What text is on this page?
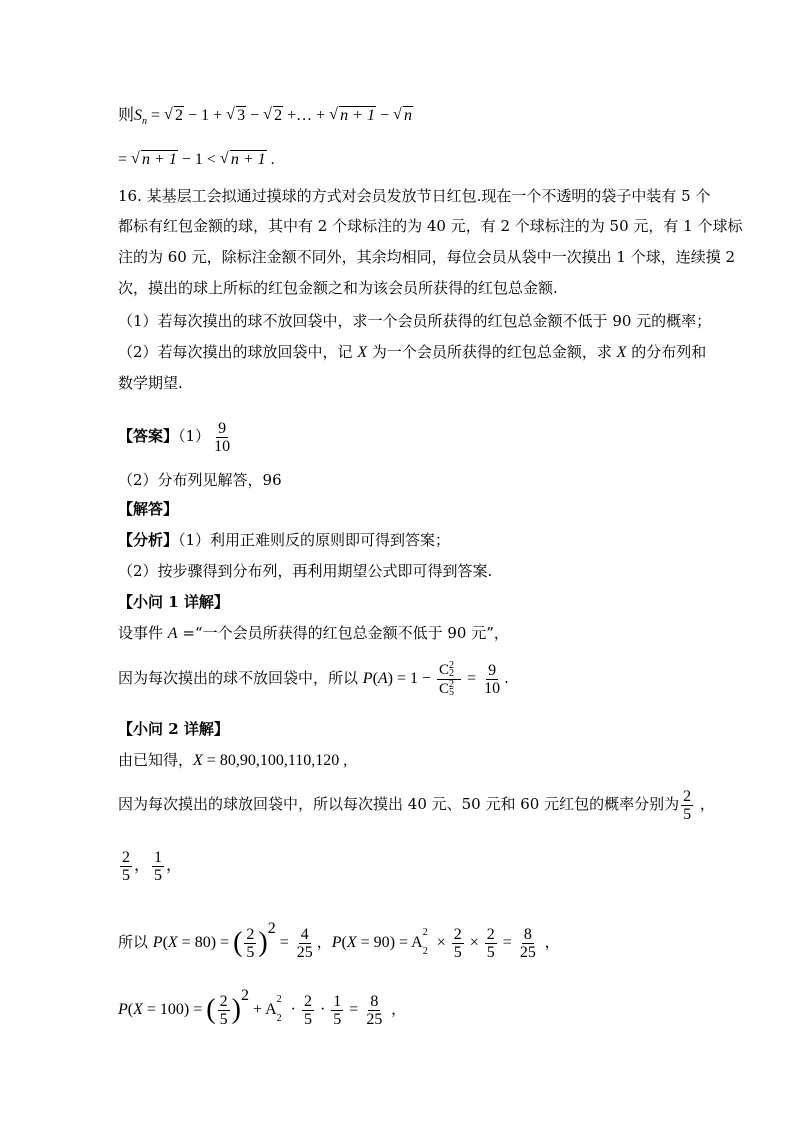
则$S_n$ = √ 2 − 1 + √ 3 − √ 2 +… + √ n + 1 − √ n
= √ n + 1 − 1 < √ n + 1 .
16. 某基层工会拟通过摸球的方式对会员发放节日红包.现在一个不透明的袋子中装有 5 个
都标有红包金额的球，其中有 2 个球标注的为 40 元，有 2 个球标注的为 50 元，有 1 个球标
注的为 60 元，除标注金额不同外，其余均相同，每位会员从袋中一次摸出 1 个球，连续摸 2
次，摸出的球上所标的红包金额之和为该会员所获得的红包总金额.
（1）若每次摸出的球不放回袋中，求一个会员所获得的红包总金额不低于 90 元的概率；
（2）若每次摸出的球放回袋中，记 X 为一个会员所获得的红包总金额，求 X 的分布列和
数学期望.
【答案】$(1) \frac{9}{10}$
（2）分布列见解答，96
【解答】
【分析】（1）利用正难则反的原则即可得到答案；
（2）按步骤得到分布列，再利用期望公式即可得到答案.
【小问 1 详解】
设事件 A =“一个会员所获得的红包总金额不低于 90 元”，
因为每次摸出的球不放回袋中，所以 P(A) = 1 − C 2
2
C 2
$5 = \frac{9}{10}$ .
【小问 2 详解】
由已知得，X = 80,90,100,110,120 ,
因为每次摸出的球放回袋中，所以每次摸出 40 元、50 元和 60 元红包的概率分别为 $\frac{2}{5}$ ，
$\frac{2}{5}$ ， $\frac{1}{5}$ ，
所以 P(X = 80) = ( $\frac{2}{5} )^2 = \frac{4}{25}$ ，P(X = 90) = A
2
2
× $\frac{2}{5} \times \frac{2}{5} = \frac{8}{25}$ ，
P(X = 100) = ( $\frac{2}{5} )^2 + A$
2
2
· $\frac{2}{5} \cdot \frac{1}{5} = \frac{8}{25}$ ，
